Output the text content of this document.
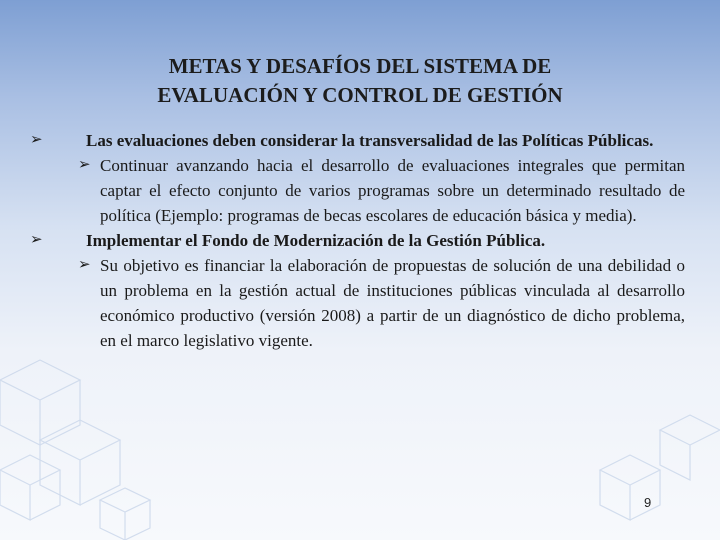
METAS Y DESAFÍOS DEL SISTEMA DE
EVALUACIÓN Y CONTROL DE GESTIÓN
➢	Las evaluaciones deben considerar la transversalidad de las Políticas Públicas.
➢ Continuar avanzando hacia el desarrollo de evaluaciones integrales que permitan captar el efecto conjunto de varios programas sobre un determinado resultado de política (Ejemplo: programas de becas escolares de educación básica y media).
➢	Implementar el Fondo de Modernización de la Gestión Pública.
➢ Su objetivo es financiar la elaboración de propuestas de solución de una debilidad o un problema en la gestión actual de instituciones públicas vinculada al desarrollo económico productivo (versión 2008) a partir de un diagnóstico de dicho problema, en el marco legislativo vigente.
9
